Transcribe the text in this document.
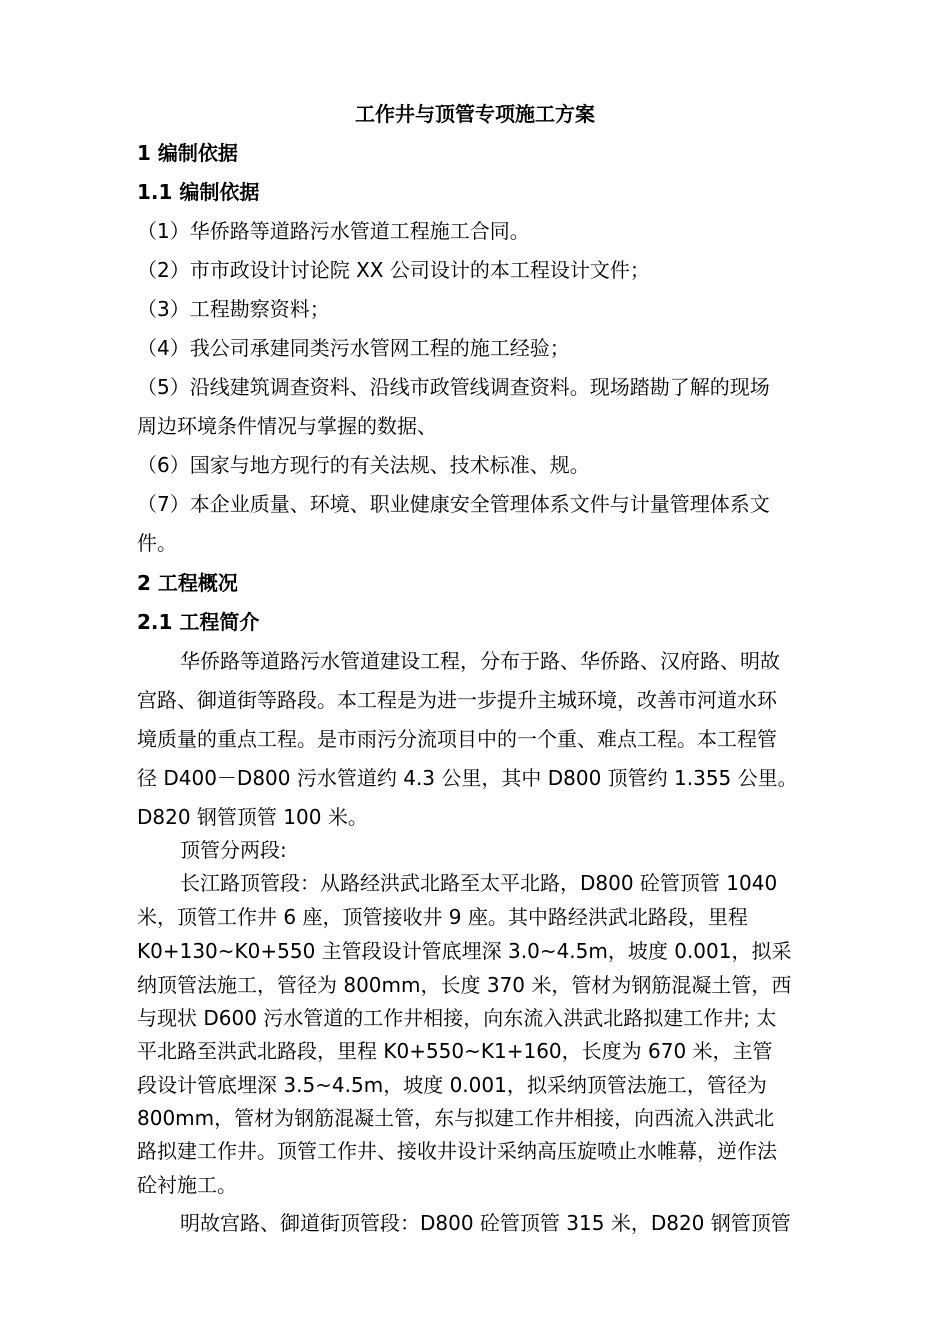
工作井与顶管专项施工方案
1 编制依据
1.1 编制依据
（1）华侨路等道路污水管道工程施工合同。
（2）市市政设计讨论院 XX 公司设计的本工程设计文件；
（3）工程勘察资料；
（4）我公司承建同类污水管网工程的施工经验；
（5）沿线建筑调查资料、沿线市政管线调查资料。现场踏勘了解的现场
周边环境条件情况与掌握的数据、
（6）国家与地方现行的有关法规、技术标准、规。
（7）本企业质量、环境、职业健康安全管理体系文件与计量管理体系文
件。
2 工程概况
2.1 工程简介
华侨路等道路污水管道建设工程，分布于路、华侨路、汉府路、明故
宫路、御道街等路段。本工程是为进一步提升主城环境，改善市河道水环
境质量的重点工程。是市雨污分流项目中的一个重、难点工程。本工程管
径 D400－D800 污水管道约 4.3 公里，其中 D800 顶管约 1.355 公里。
D820 钢管顶管 100 米。
顶管分两段:
长江路顶管段：从路经洪武北路至太平北路，D800 砼管顶管 1040
米，顶管工作井 6 座，顶管接收井 9 座。其中路经洪武北路段，里程
K0+130~K0+550 主管段设计管底埋深 3.0~4.5m，坡度 0.001，拟采
纳顶管法施工，管径为 800mm，长度 370 米，管材为钢筋混凝土管，西
与现状 D600 污水管道的工作井相接，向东流入洪武北路拟建工作井; 太
平北路至洪武北路段，里程 K0+550~K1+160，长度为 670 米，主管
段设计管底埋深 3.5~4.5m，坡度 0.001，拟采纳顶管法施工，管径为
800mm，管材为钢筋混凝土管，东与拟建工作井相接，向西流入洪武北
路拟建工作井。顶管工作井、接收井设计采纳高压旋喷止水帷幕，逆作法
砼衬施工。
明故宫路、御道街顶管段：D800 砼管顶管 315 米，D820 钢管顶管
